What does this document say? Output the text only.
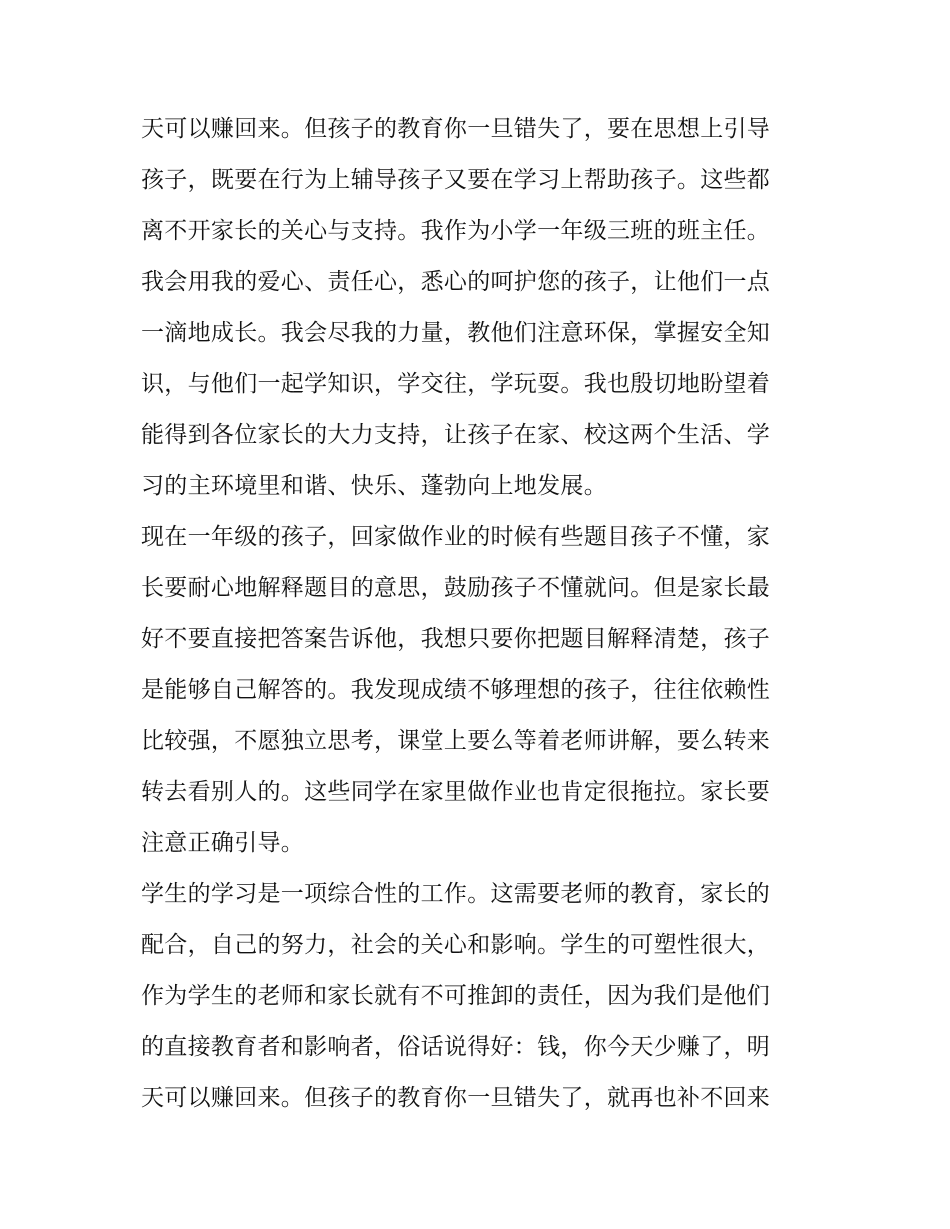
天可以赚回来。但孩子的教育你一旦错失了，要在思想上引导
孩子，既要在行为上辅导孩子又要在学习上帮助孩子。这些都
离不开家长的关心与支持。我作为小学一年级三班的班主任。
我会用我的爱心、责任心，悉心的呵护您的孩子，让他们一点
一滴地成长。我会尽我的力量，教他们注意环保，掌握安全知
识，与他们一起学知识，学交往，学玩耍。我也殷切地盼望着
能得到各位家长的大力支持，让孩子在家、校这两个生活、学
习的主环境里和谐、快乐、蓬勃向上地发展。
现在一年级的孩子，回家做作业的时候有些题目孩子不懂，家
长要耐心地解释题目的意思，鼓励孩子不懂就问。但是家长最
好不要直接把答案告诉他，我想只要你把题目解释清楚，孩子
是能够自己解答的。我发现成绩不够理想的孩子，往往依赖性
比较强，不愿独立思考，课堂上要么等着老师讲解，要么转来
转去看别人的。这些同学在家里做作业也肯定很拖拉。家长要
注意正确引导。
学生的学习是一项综合性的工作。这需要老师的教育，家长的
配合，自己的努力，社会的关心和影响。学生的可塑性很大，
作为学生的老师和家长就有不可推卸的责任，因为我们是他们
的直接教育者和影响者，俗话说得好：钱，你今天少赚了，明
天可以赚回来。但孩子的教育你一旦错失了，就再也补不回来
